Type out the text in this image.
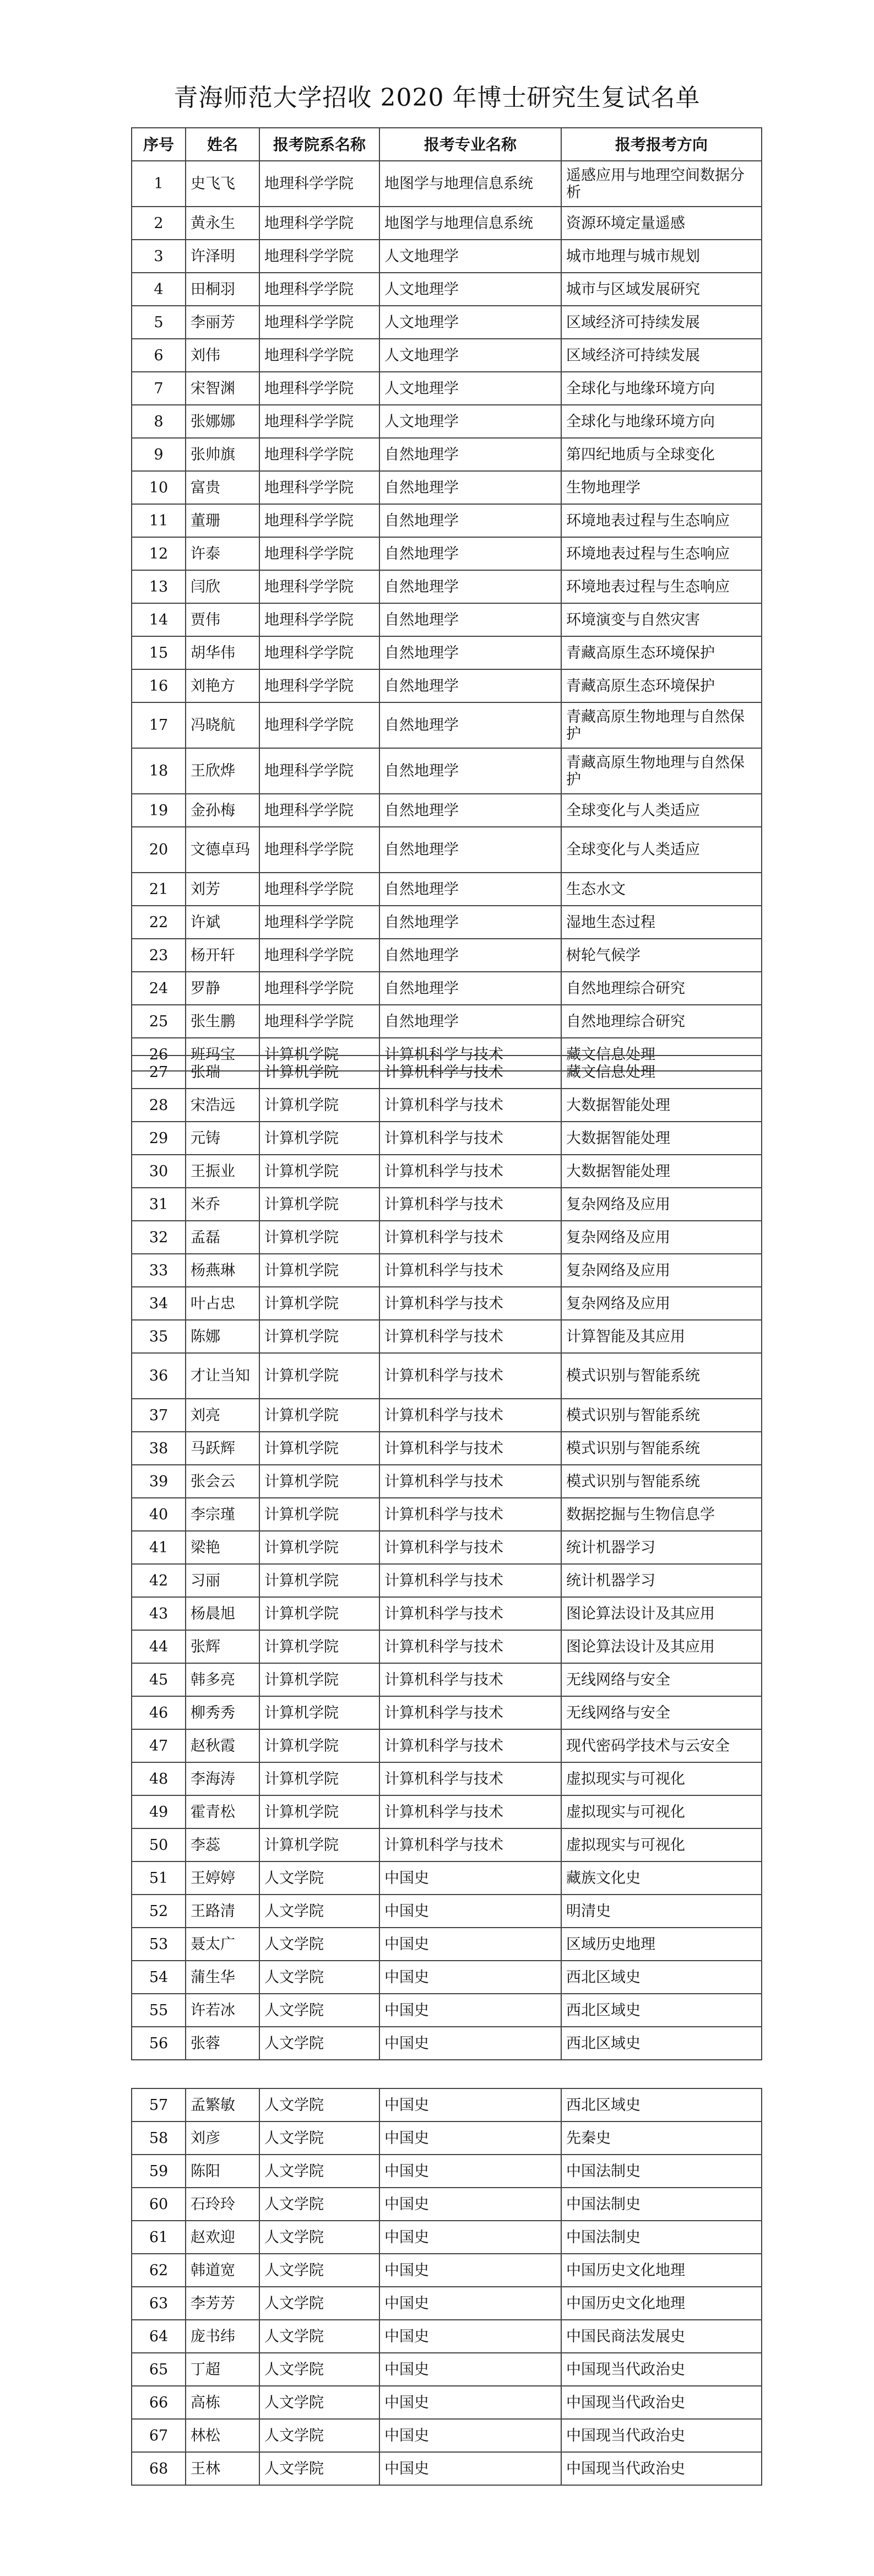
青海师范大学招收 2020 年博士研究生复试名单
序号	姓名	报考院系名称	报考专业名称	报考报考方向
1	史飞飞	地理科学学院	地图学与地理信息系统	遥感应用与地理空间数据分析
2	黄永生	地理科学学院	地图学与地理信息系统	资源环境定量遥感
3	许泽明	地理科学学院	人文地理学	城市地理与城市规划
4	田桐羽	地理科学学院	人文地理学	城市与区域发展研究
5	李丽芳	地理科学学院	人文地理学	区域经济可持续发展
6	刘伟	地理科学学院	人文地理学	区域经济可持续发展
7	宋智渊	地理科学学院	人文地理学	全球化与地缘环境方向
8	张娜娜	地理科学学院	人文地理学	全球化与地缘环境方向
9	张帅旗	地理科学学院	自然地理学	第四纪地质与全球变化
10	富贵	地理科学学院	自然地理学	生物地理学
11	董珊	地理科学学院	自然地理学	环境地表过程与生态响应
12	许泰	地理科学学院	自然地理学	环境地表过程与生态响应
13	闫欣	地理科学学院	自然地理学	环境地表过程与生态响应
14	贾伟	地理科学学院	自然地理学	环境演变与自然灾害
15	胡华伟	地理科学学院	自然地理学	青藏高原生态环境保护
16	刘艳方	地理科学学院	自然地理学	青藏高原生态环境保护
17	冯晓航	地理科学学院	自然地理学	青藏高原生物地理与自然保护
18	王欣烨	地理科学学院	自然地理学	青藏高原生物地理与自然保护
19	金孙梅	地理科学学院	自然地理学	全球变化与人类适应
20	文德卓玛	地理科学学院	自然地理学	全球变化与人类适应
21	刘芳	地理科学学院	自然地理学	生态水文
22	许斌	地理科学学院	自然地理学	湿地生态过程
23	杨开轩	地理科学学院	自然地理学	树轮气候学
24	罗静	地理科学学院	自然地理学	自然地理综合研究
25	张生鹏	地理科学学院	自然地理学	自然地理综合研究
26	班玛宝	计算机学院	计算机科学与技术	藏文信息处理
27	张瑞	计算机学院	计算机科学与技术	藏文信息处理
28	宋浩远	计算机学院	计算机科学与技术	大数据智能处理
29	元铸	计算机学院	计算机科学与技术	大数据智能处理
30	王振业	计算机学院	计算机科学与技术	大数据智能处理
31	米乔	计算机学院	计算机科学与技术	复杂网络及应用
32	孟磊	计算机学院	计算机科学与技术	复杂网络及应用
33	杨燕琳	计算机学院	计算机科学与技术	复杂网络及应用
34	叶占忠	计算机学院	计算机科学与技术	复杂网络及应用
35	陈娜	计算机学院	计算机科学与技术	计算智能及其应用
36	才让当知	计算机学院	计算机科学与技术	模式识别与智能系统
37	刘亮	计算机学院	计算机科学与技术	模式识别与智能系统
38	马跃辉	计算机学院	计算机科学与技术	模式识别与智能系统
39	张会云	计算机学院	计算机科学与技术	模式识别与智能系统
40	李宗瑾	计算机学院	计算机科学与技术	数据挖掘与生物信息学
41	梁艳	计算机学院	计算机科学与技术	统计机器学习
42	习丽	计算机学院	计算机科学与技术	统计机器学习
43	杨晨旭	计算机学院	计算机科学与技术	图论算法设计及其应用
44	张辉	计算机学院	计算机科学与技术	图论算法设计及其应用
45	韩多亮	计算机学院	计算机科学与技术	无线网络与安全
46	柳秀秀	计算机学院	计算机科学与技术	无线网络与安全
47	赵秋霞	计算机学院	计算机科学与技术	现代密码学技术与云安全
48	李海涛	计算机学院	计算机科学与技术	虚拟现实与可视化
49	霍青松	计算机学院	计算机科学与技术	虚拟现实与可视化
50	李蕊	计算机学院	计算机科学与技术	虚拟现实与可视化
51	王婷婷	人文学院	中国史	藏族文化史
52	王路清	人文学院	中国史	明清史
53	聂太广	人文学院	中国史	区域历史地理
54	蒲生华	人文学院	中国史	西北区域史
55	许若冰	人文学院	中国史	西北区域史
56	张蓉	人文学院	中国史	西北区域史
57	孟繁敏	人文学院	中国史	西北区域史
58	刘彦	人文学院	中国史	先秦史
59	陈阳	人文学院	中国史	中国法制史
60	石玲玲	人文学院	中国史	中国法制史
61	赵欢迎	人文学院	中国史	中国法制史
62	韩道宽	人文学院	中国史	中国历史文化地理
63	李芳芳	人文学院	中国史	中国历史文化地理
64	庞书纬	人文学院	中国史	中国民商法发展史
65	丁超	人文学院	中国史	中国现当代政治史
66	高栋	人文学院	中国史	中国现当代政治史
67	林松	人文学院	中国史	中国现当代政治史
68	王林	人文学院	中国史	中国现当代政治史
